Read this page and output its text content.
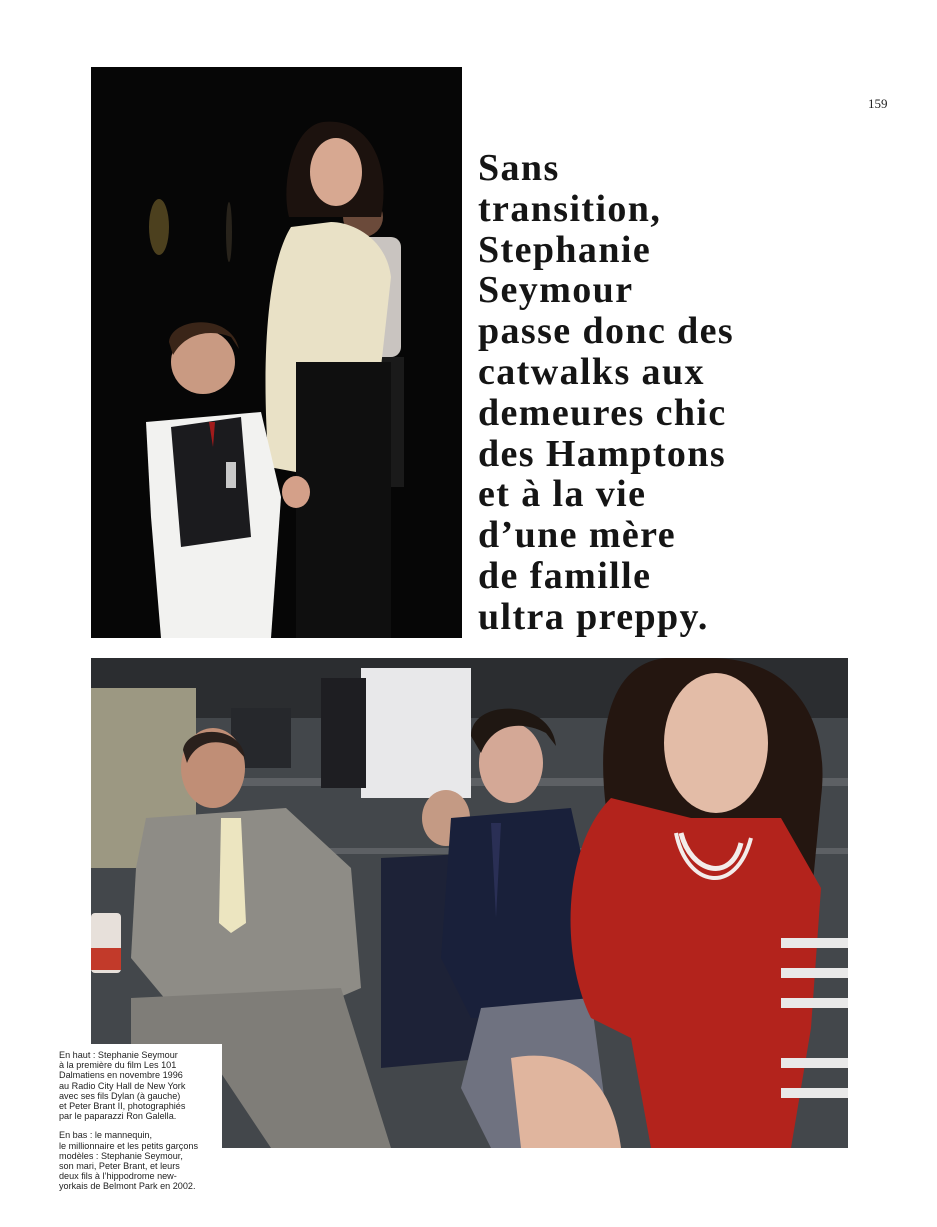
159
Sans
transition,
Stephanie
Seymour
passe donc des
catwalks aux
demeures chic
des Hamptons
et à la vie
d’une mère
de famille
ultra preppy.

En haut : Stephanie Seymour
à la première du film Les 101
Dalmatiens en novembre 1996
au Radio City Hall de New York
avec ses fils Dylan (à gauche)
et Peter Brant II, photographiés
par le paparazzi Ron Galella.

En bas : le mannequin,
le millionnaire et les petits garçons
modèles : Stephanie Seymour,
son mari, Peter Brant, et leurs
deux fils à l’hippodrome new-
yorkais de Belmont Park en 2002.
